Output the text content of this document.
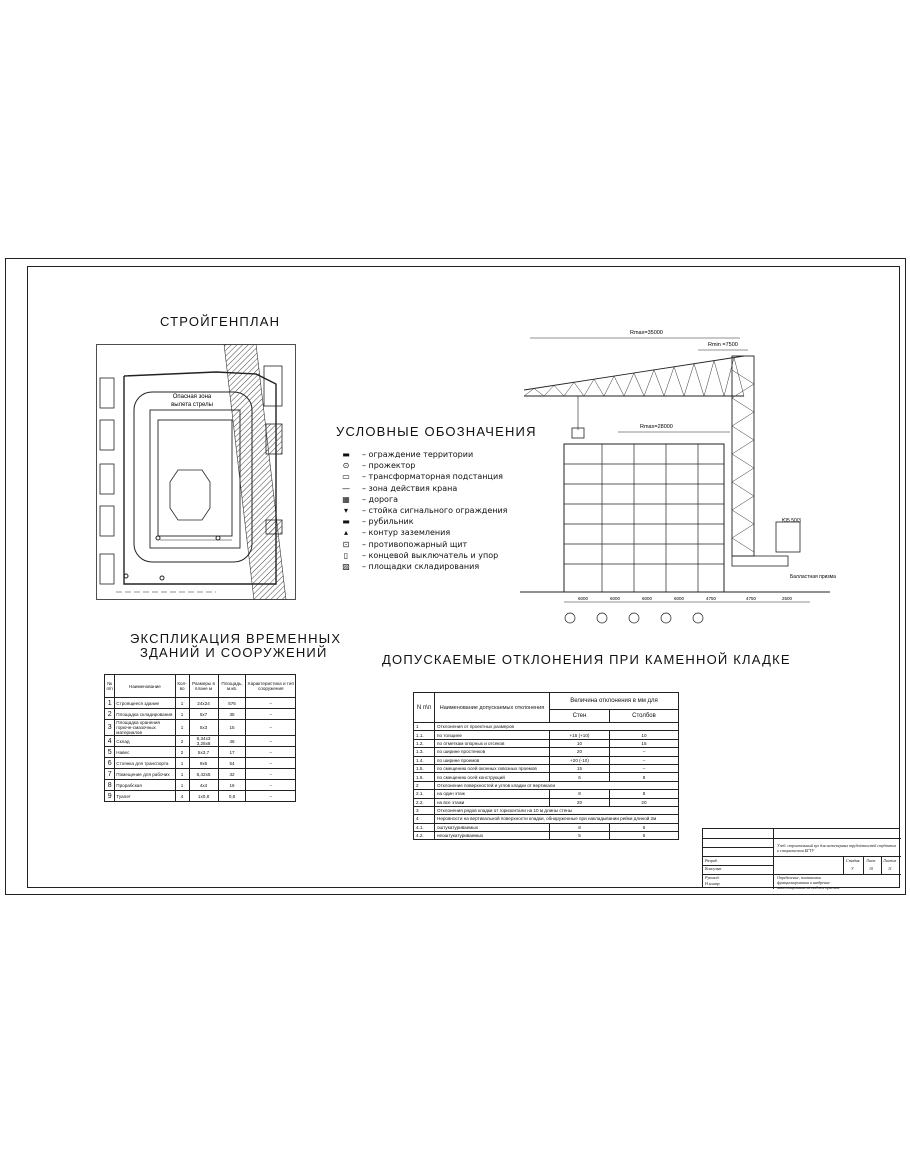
СТРОЙГЕНПЛАН
УСЛОВНЫЕ ОБОЗНАЧЕНИЯ
ЭКСПЛИКАЦИЯ ВРЕМЕННЫХ
ЗДАНИЙ И СООРУЖЕНИЙ	ДОПУСКАЕМЫЕ ОТКЛОНЕНИЯ ПРИ КАМЕННОЙ КЛАДКЕ
Опасная зона
вылета стрелы
▬	– ограждение территории
⊙	– прожектор
▭	– трансформаторная подстанция
—	– зона действия крана
▦	– дорога
▾	– стойка сигнального ограждения
▬	– рубильник
▴	– контур заземления
⊡	– противопожарный щит
▯	– концевой выключатель и упор
▨	– площадки складирования
Rmax=35000
Rmin =7500
Ю5 50/3
Балластная призма
Rmax=28000
6000	6000	6000	6000	4750	4750	2500
№ п/п	Наименование	Кол-во	Размеры в плане м	Площадь, м.кв.	Характеристика и тип сооружения
1	Строящееся здание	1	24х24	576	–
2	Площадка складирования	1	5х7	35	–
3	Площадка хранения горюче-смазочных материалов	1	5х3	15	–
4	Склад	2	8,34х3 3,25х8	46	–
5	Навес	2	5х3,7	17	–
6	Стоянка для транспорта	1	9х6	54	–
7	Помещение для рабочих	1	6,42х5	32	–
8	Прорабская	1	4х4	16	–
9	Туалет	4	1х0,8	0,8	–
N п\п	Наименование допускаемых отклонения	Величина отклонения в мм для	
		Стен	Столбов
1	Отклонения от проектных размеров		
1.1.	по толщине	+15 (+10)	10
1.2.	по отметкам опорных и отсеков	10	15
1.3.	по ширине простенков	20	–
1.4.	по ширине проемов	+20 (-10)	–
1.5.	по смещению осей оконных сквозных проемов	15	–
1.6.	по смещению осей конструкций	6	8
2	Отклонение поверхностей и углов кладки от вертикали		
2.1.	на один этаж	8	8
2.2.	на все этажи	20	20
3	Отклонения рядов кладки от горизонтали на 10 м длины стены		
4	Неровности на вертикальной поверхности кладки, обнаруженные при накладывании рейки длиной 2м		
4.1.	оштукатуриваемых	8	5
4.2.	неоштукатуриваемых	5	5
Учеб. строительный вуз для инженерных трудоёмкостей студентов и специалистов БГТУ
Стадия Лист Листов
У	10	11
Определение, постановка функционирования и внедрение инвестиционных методов и приемов
Разраб.
Консульт.
Руковод.
Н.контр.
